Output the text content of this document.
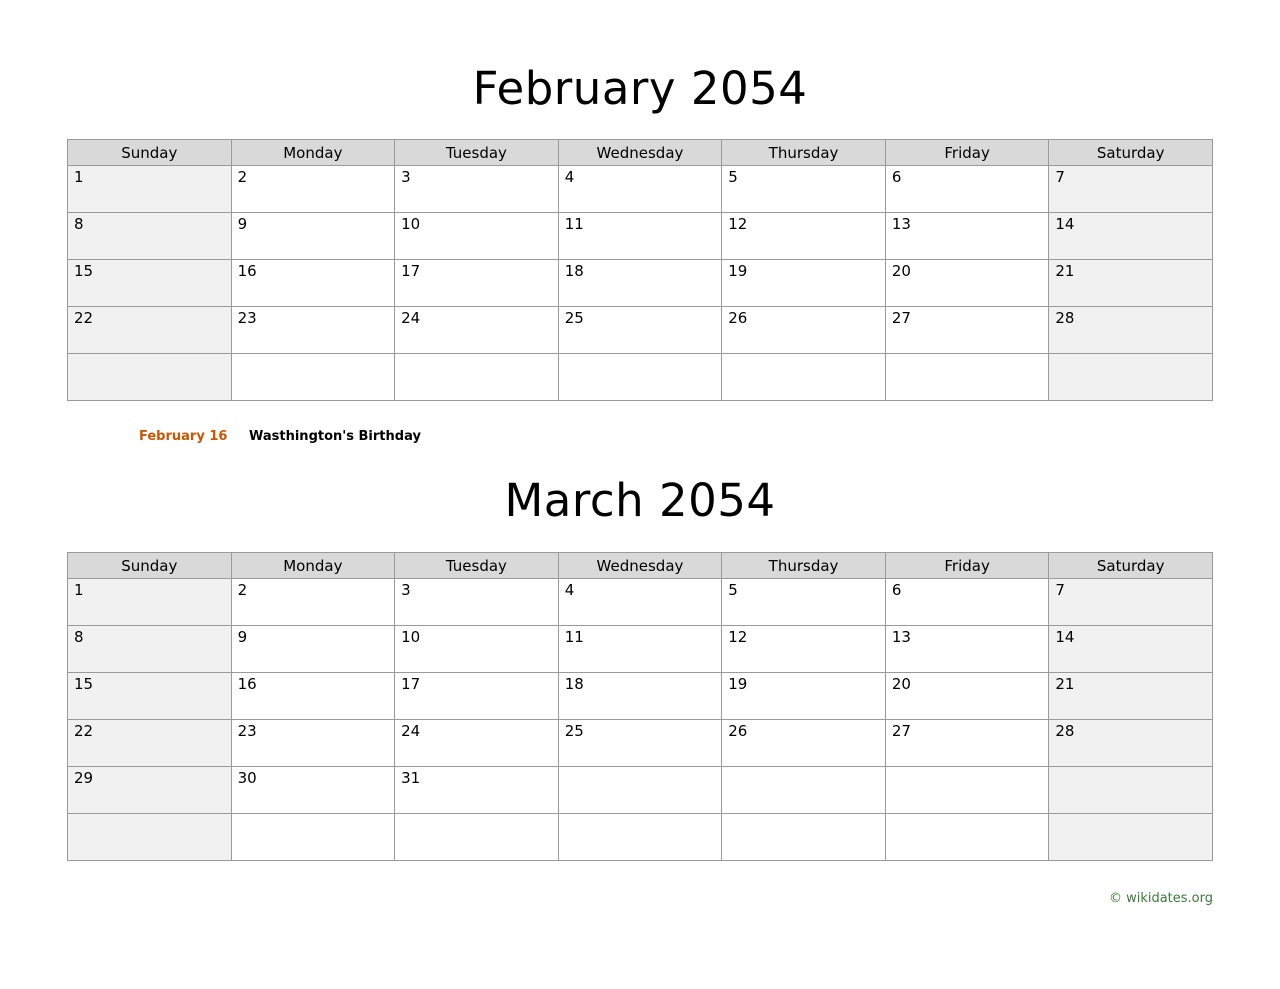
February 2054
Sunday	Monday	Tuesday	Wednesday	Thursday	Friday	Saturday
1	2	3	4	5	6	7
8	9	10	11	12	13	14
15	16	17	18	19	20	21
22	23	24	25	26	27	28

February 16	Wasthington's Birthday
March 2054
Sunday	Monday	Tuesday	Wednesday	Thursday	Friday	Saturday
1	2	3	4	5	6	7
8	9	10	11	12	13	14
15	16	17	18	19	20	21
22	23	24	25	26	27	28
29	30	31				

© wikidates.org
